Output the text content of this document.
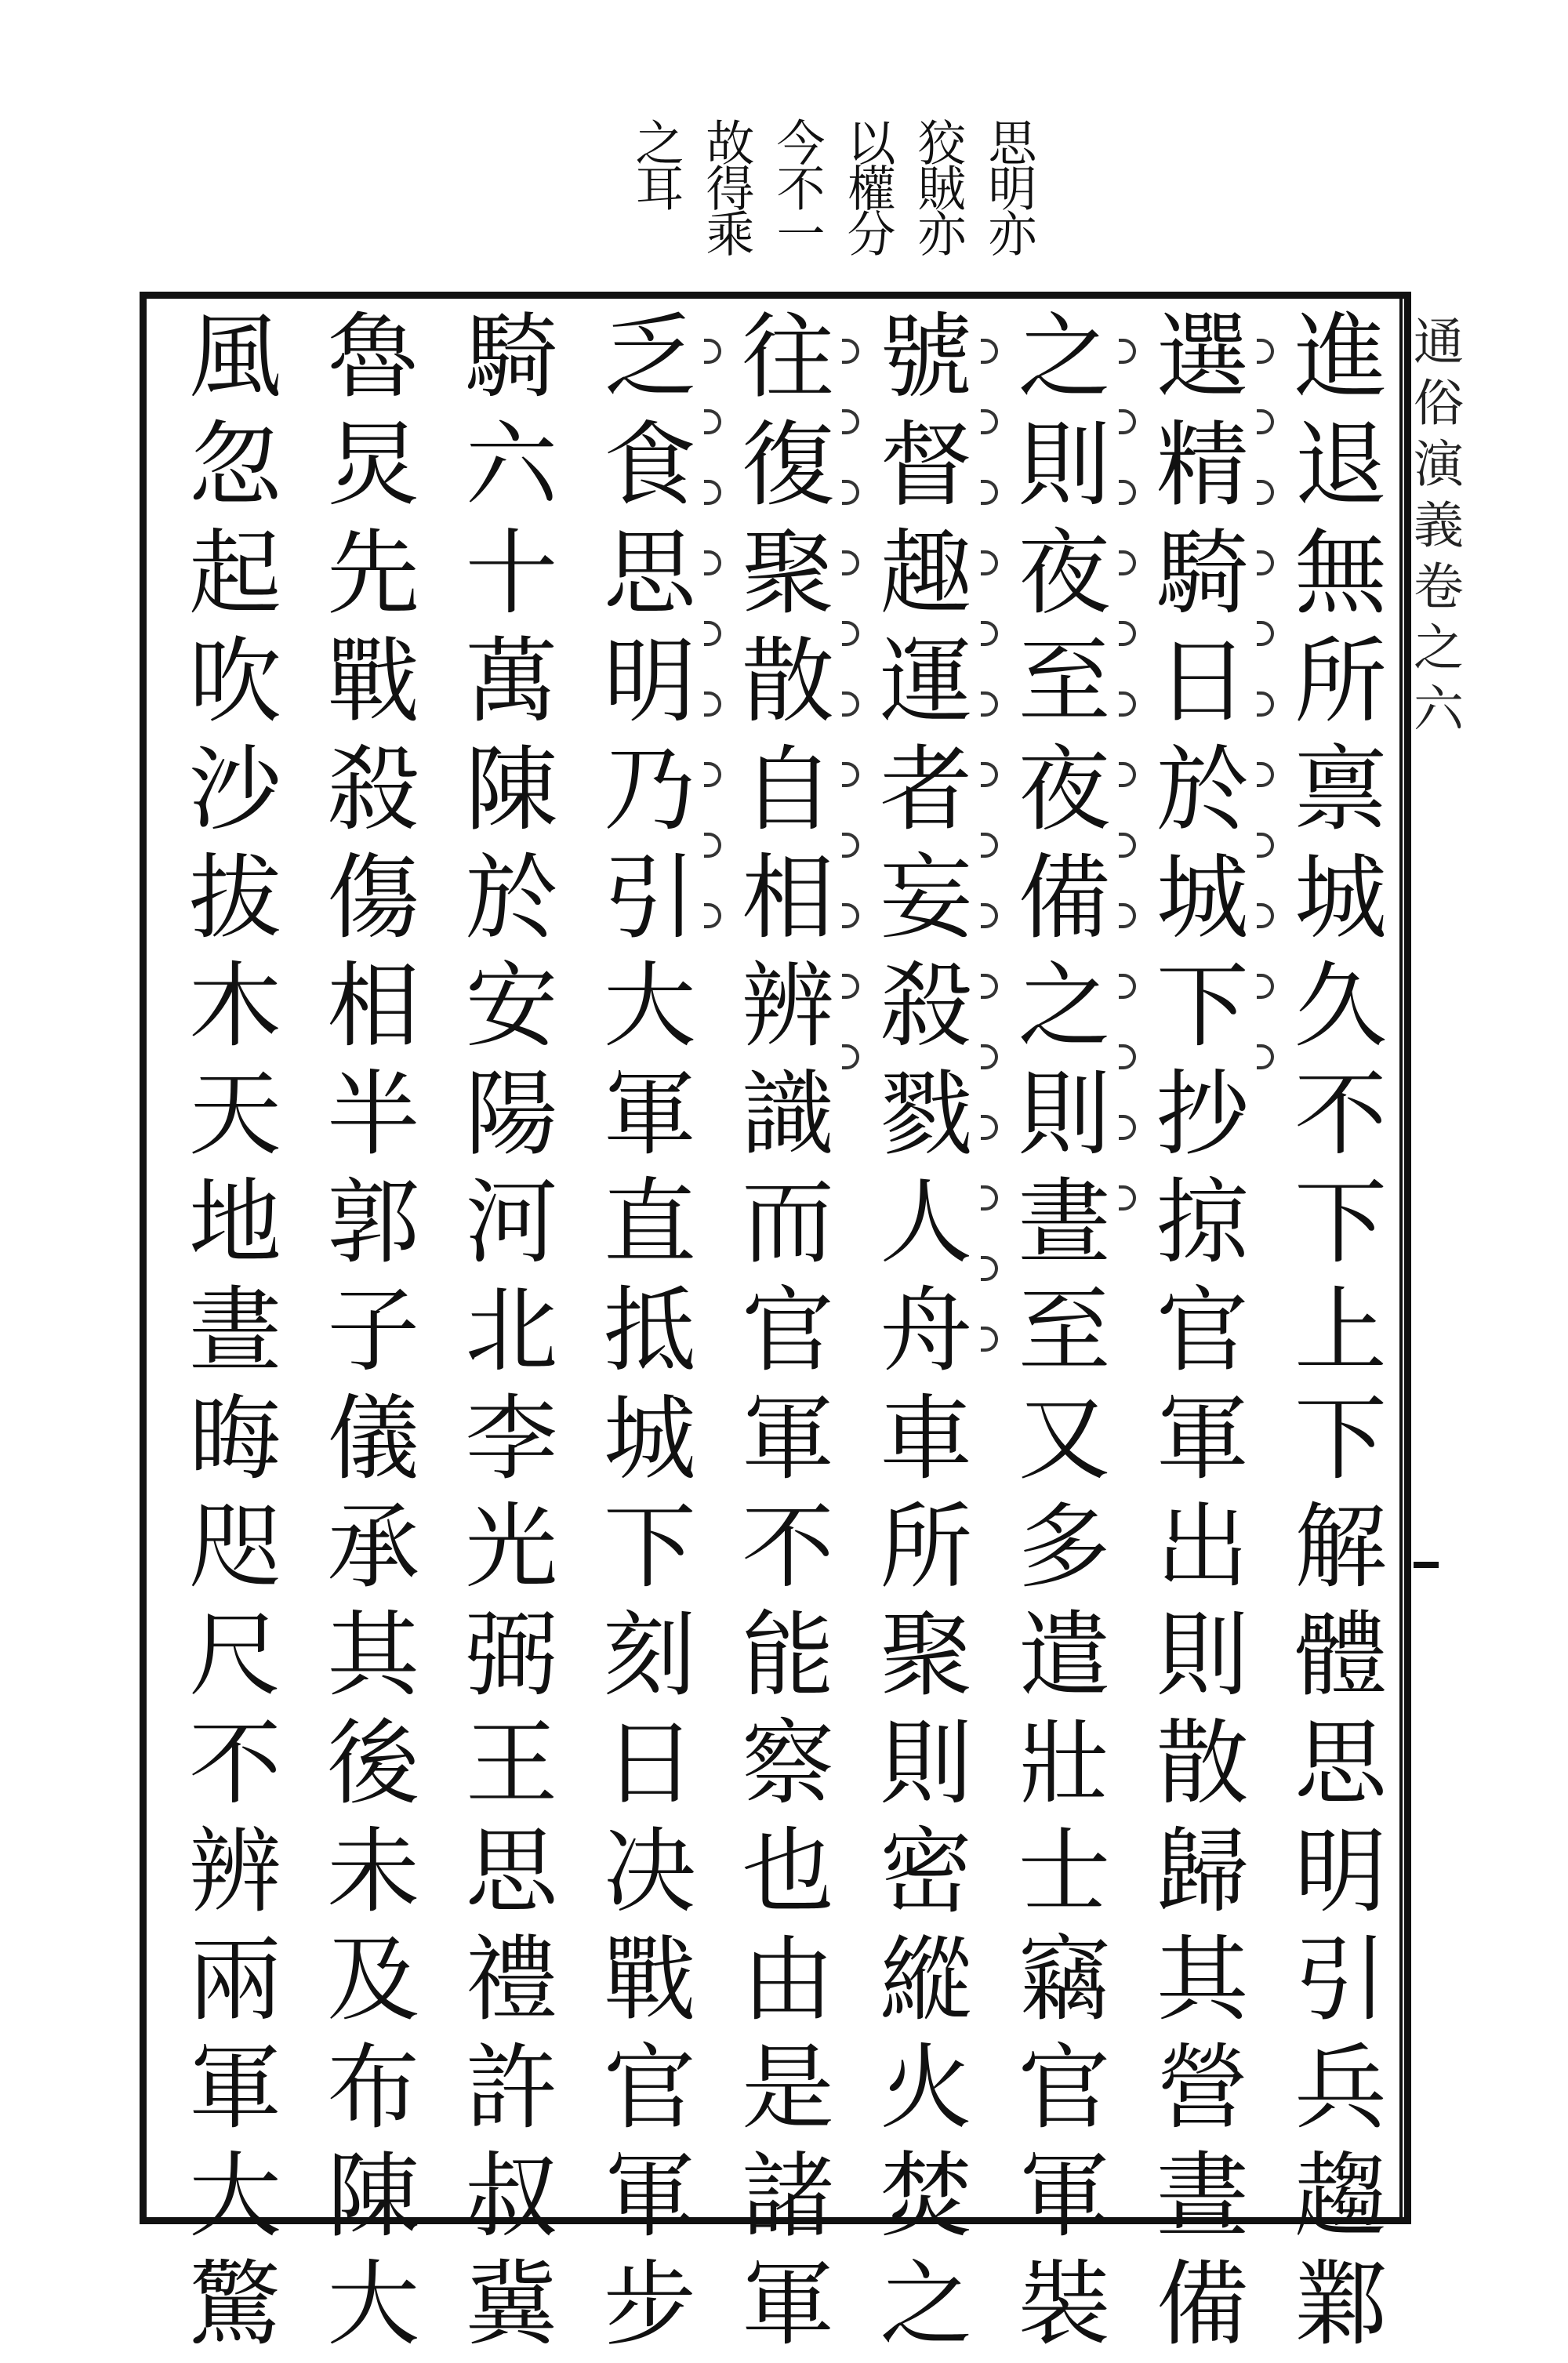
思明亦
狡賊亦
以權分
今不一
故得乘
之耳
通俗演義卷之六
進退無所禀城久不下上下解體思明引兵趨鄴
選精騎日於城下抄掠官軍出則散歸其營晝備
之則夜至夜備之則晝至又多遣壯士竊官軍裝
號督趣運者妄殺戮人舟車所聚則密縱火焚之
往復聚散自相辨識而官軍不能察也由是諸軍
乏食思明乃引大軍直抵城下刻日决戰官軍步
騎六十萬陳於安陽河北李光弼王思禮許叔冀
魯炅先戰殺傷相半郭子儀承其後未及布陳大
風忽起吹沙拔木天地晝晦咫尺不辨兩軍大驚
